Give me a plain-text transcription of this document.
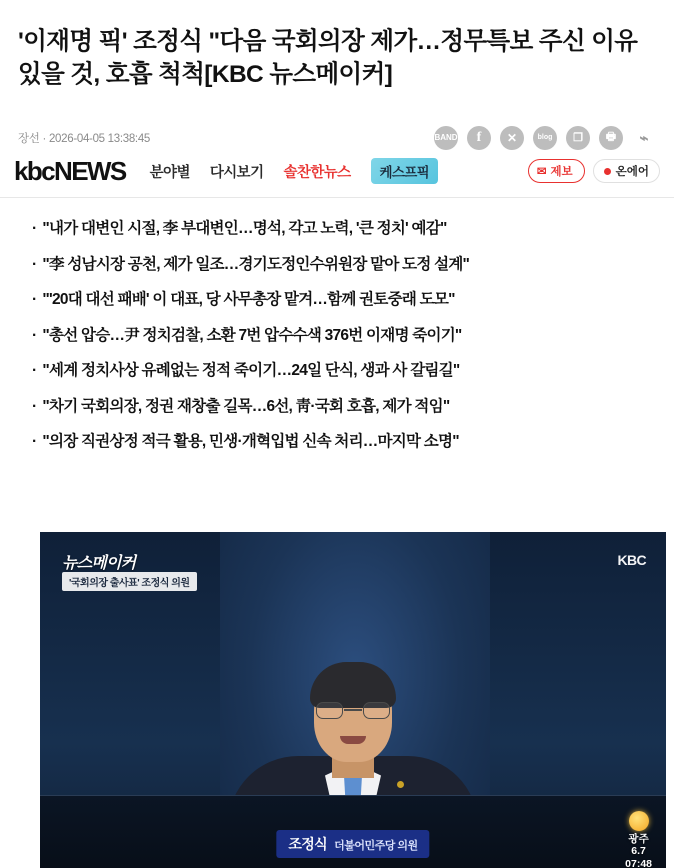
'이재명 픽' 조정식 "다음 국회의장 제가…정무특보 주신 이유 있을 것, 호흡 척척[KBC 뉴스메이커]
장선 · 2026-04-05 13:38:45	BAND	f	✕	blog	❐	🖶	⌁
kbcNEWS 분야별 다시보기 솔찬한뉴스	케스프픽	✉ 제보	온에어
· "내가 대변인 시절, 李 부대변인…명석, 각고 노력, '큰 정치' 예감"
· "李 성남시장 공천, 제가 일조…경기도정인수위원장 맡아 도정 설계"
· "'20대 대선 패배' 이 대표, 당 사무총장 맡겨…함께 권토중래 도모"
· "총선 압승…尹 정치검찰, 소환 7번 압수수색 376번 이재명 죽이기"
· "세계 정치사상 유례없는 정적 죽이기…24일 단식, 생과 사 갈림길"
· "차기 국회의장, 정권 재창출 길목…6선, 靑·국회 호흡, 제가 적임"
· "의장 직권상정 적극 활용, 민생·개혁입법 신속 처리…마지막 소명"
뉴스메이커
'국회의장 출사표' 조정식 의원
KBC
조정식 더불어민주당 의원
광주
6.7
07:48
